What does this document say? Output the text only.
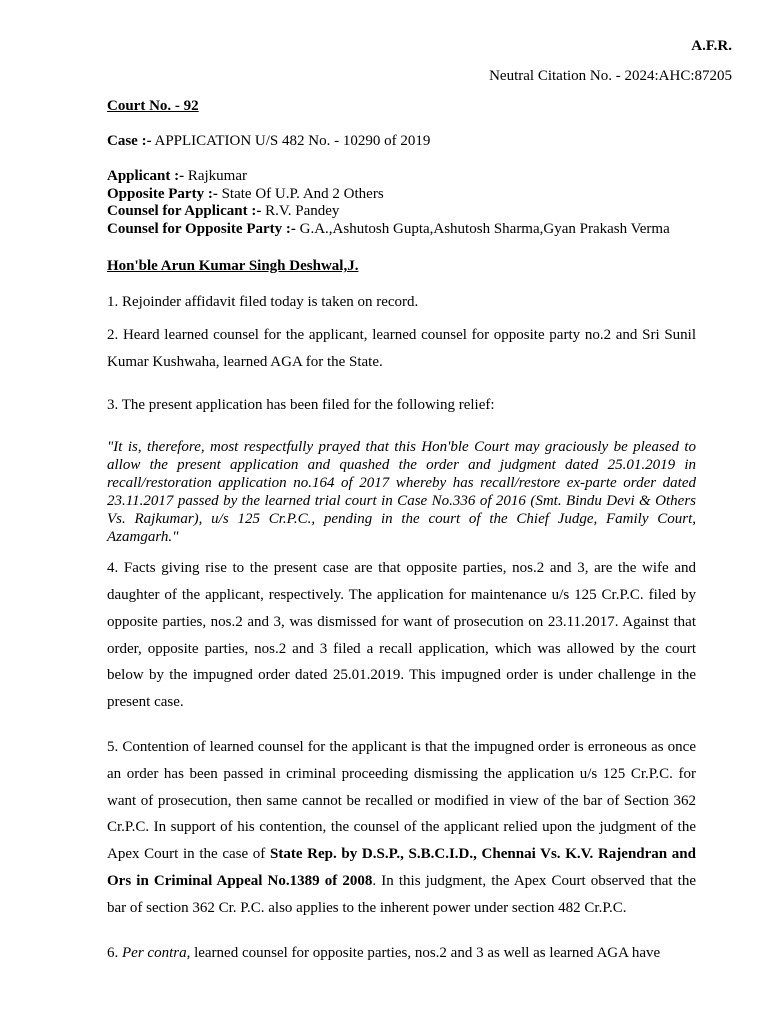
A.F.R.
Neutral Citation No. - 2024:AHC:87205

Court No. - 92

Case :- APPLICATION U/S 482 No. - 10290 of 2019

Applicant :- Rajkumar
Opposite Party :- State Of U.P. And 2 Others
Counsel for Applicant :- R.V. Pandey
Counsel for Opposite Party :- G.A.,Ashutosh Gupta,Ashutosh Sharma,Gyan Prakash Verma
Hon'ble Arun Kumar Singh Deshwal,J.

1. Rejoinder affidavit filed today is taken on record.

2. Heard learned counsel for the applicant, learned counsel for opposite party no.2 and Sri Sunil Kumar Kushwaha, learned AGA for the State.

3. The present application has been filed for the following relief:

"It is, therefore, most respectfully prayed that this Hon'ble Court may graciously be pleased to allow the present application and quashed the order and judgment dated 25.01.2019 in recall/restoration application no.164 of 2017 whereby has recall/restore ex-parte order dated 23.11.2017 passed by the learned trial court in Case No.336 of 2016 (Smt. Bindu Devi & Others Vs. Rajkumar), u/s 125 Cr.P.C., pending in the court of the Chief Judge, Family Court, Azamgarh."

4. Facts giving rise to the present case are that opposite parties, nos.2 and 3, are the wife and daughter of the applicant, respectively. The application for maintenance u/s 125 Cr.P.C. filed by opposite parties, nos.2 and 3, was dismissed for want of prosecution on 23.11.2017. Against that order, opposite parties, nos.2 and 3 filed a recall application, which was allowed by the court below by the impugned order dated 25.01.2019. This impugned order is under challenge in the present case.

5. Contention of learned counsel for the applicant is that the impugned order is erroneous as once an order has been passed in criminal proceeding dismissing the application u/s 125 Cr.P.C. for want of prosecution, then same cannot be recalled or modified in view of the bar of Section 362 Cr.P.C. In support of his contention, the counsel of the applicant relied upon the judgment of the Apex Court in the case of State Rep. by D.S.P., S.B.C.I.D., Chennai Vs. K.V. Rajendran and Ors in Criminal Appeal No.1389 of 2008. In this judgment, the Apex Court observed that the bar of section 362 Cr. P.C. also applies to the inherent power under section 482 Cr.P.C.

6. Per contra, learned counsel for opposite parties, nos.2 and 3 as well as learned AGA have
